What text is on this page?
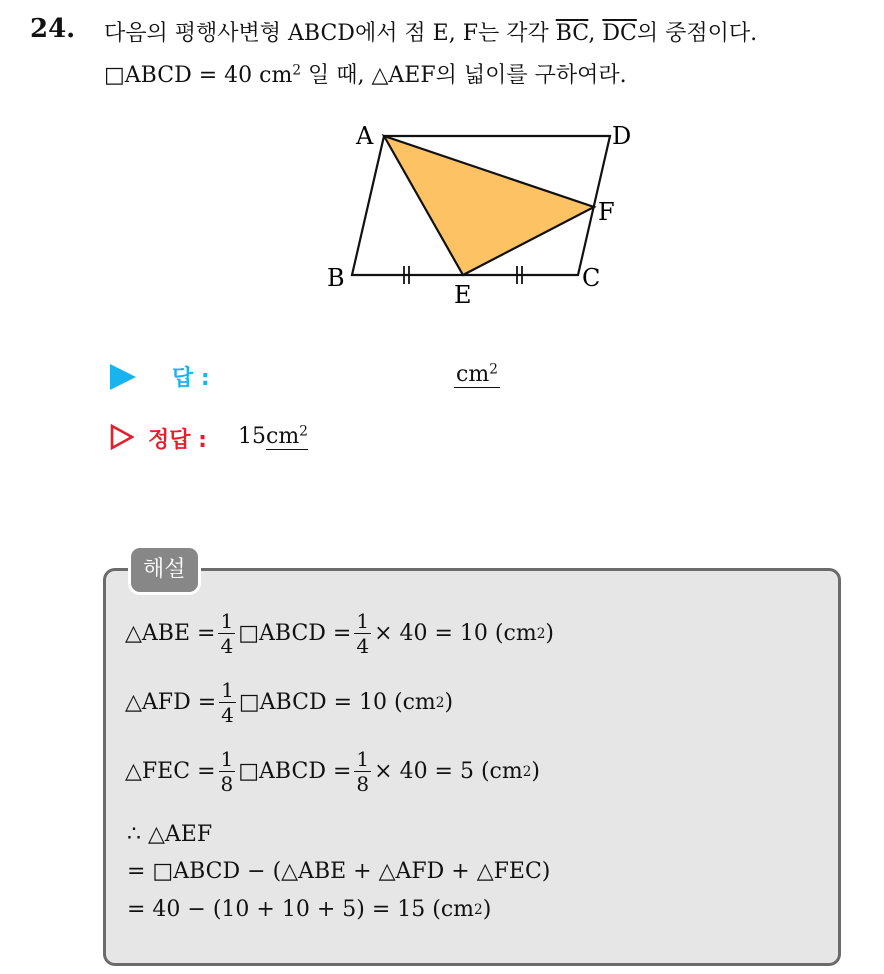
24. 다음의 평행사변형 ABCD에서 점 E, F는 각각 $\overline{BC}$, $\overline{DC}$의 중점이다.
□ABCD = 40 $cm^2$ 일 때, △AEF의 넓이를 구하여라.
A	D
F
B
E
C
답 :	$cm^2$
정답 : $15cm^2$
해설
△ABE = $\frac{1}{4}$ □ABCD = $\frac{1}{4} \times 40 = 10$ (cm 2 )
△AFD = $\frac{1}{4}$ □ABCD = 10 (cm 2 )
△FEC = $\frac{1}{8}$ □ABCD = $\frac{1}{8} \times 40 = 5$ (cm 2 )
∴ △AEF
= □ABCD − (△ABE + △AFD + △FEC)
= 40 − (10 + 10 + 5) = 15 (cm 2 )
